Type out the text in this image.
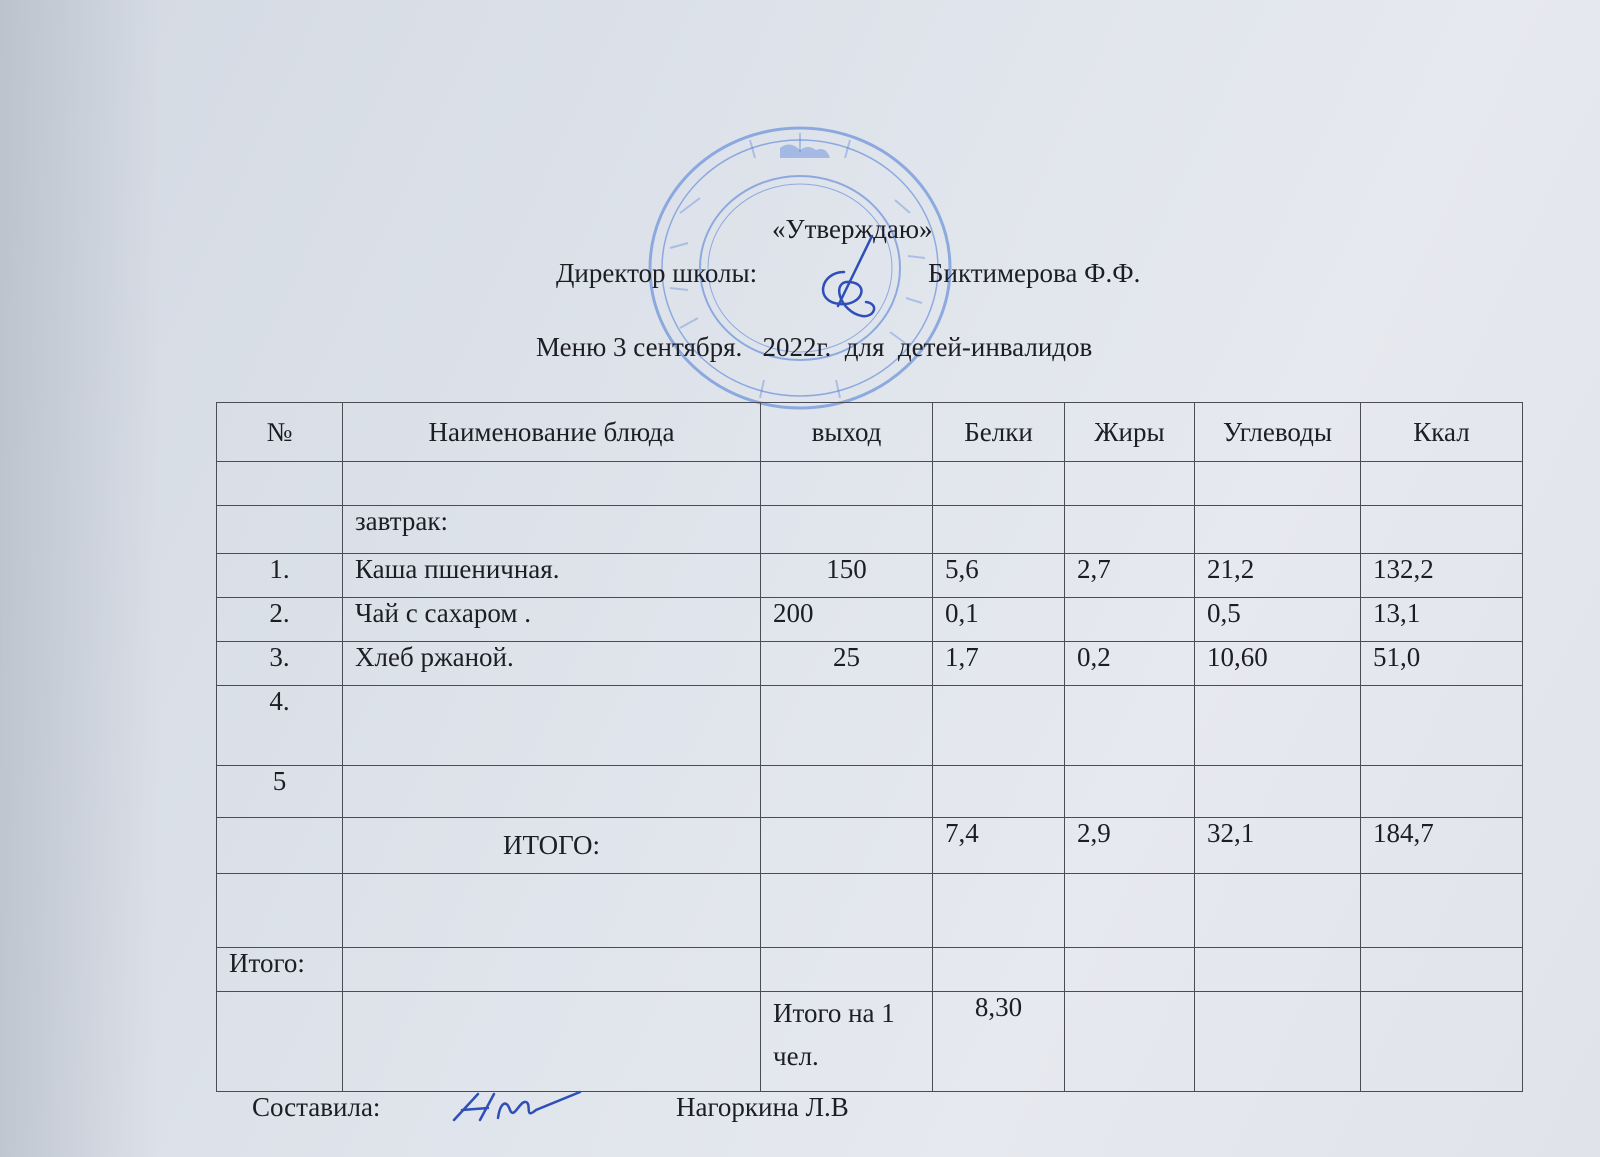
«Утверждаю»
Директор школы:	Биктимерова Ф.Ф.
Меню 3 сентября.   2022г.  для  детей-инвалидов
№	Наименование блюда	выход	Белки	Жиры	Углеводы	Ккал

	завтрак:					
1.	Каша пшеничная.	150	5,6	2,7	21,2	132,2
2.	Чай с сахаром .	200	0,1		0,5	13,1
3.	Хлеб ржаной.	25	1,7	0,2	10,60	51,0
4.						
5						
	ИТОГО:		7,4	2,9	32,1	184,7

Итого:						
		Итого на 1 чел.	8,30			
Составила:	Нагоркина Л.В
